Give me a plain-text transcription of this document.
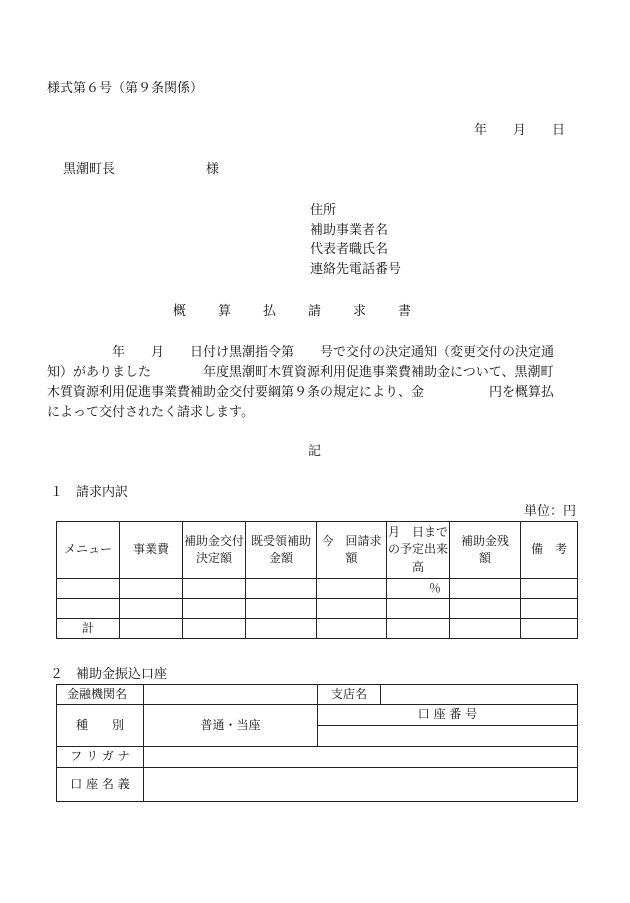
様式第６号（第９条関係）
年　　月　　日
黒潮町長　　　　　　　様
住所
補助事業者名
代表者職氏名
連絡先電話番号
概　　算　　払　　請　　求　　書
　　　　　年　　月　　日付け黒潮指令第　　号で交付の決定通知（変更交付の決定通
知）がありました　　　　年度黒潮町木質資源利用促進事業費補助金について、黒潮町
木質資源利用促進事業費補助金交付要綱第９条の規定により、金　　　　　円を概算払
によって交付されたく請求します。
記
１　請求内訳
単位：円
メニュー	事業費	補助金交付決定額	既受領補助金額	今　回請求額	月　日までの予定出来高	補助金残　額	備　考
					％		

計							
２　補助金振込口座
金融機関名		支店名	
種　　別	普通・当座	口 座 番 号	

フ リ ガ ナ			
口 座 名 義			
